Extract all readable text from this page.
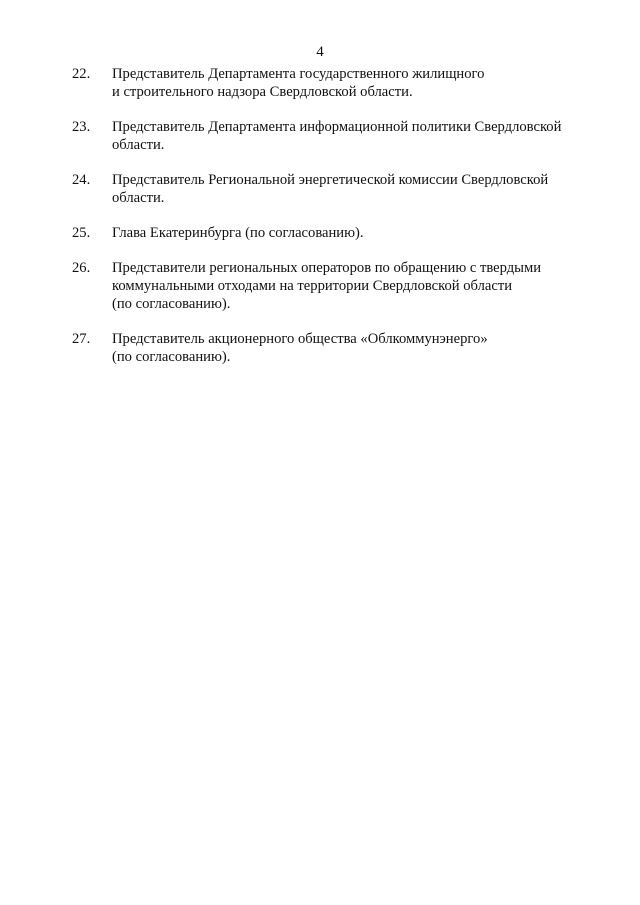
4
22.	Представитель Департамента государственного жилищного
и строительного надзора Свердловской области.
23.	Представитель Департамента информационной политики Свердловской
области.
24.	Представитель Региональной энергетической комиссии Свердловской
области.
25.	Глава Екатеринбурга (по согласованию).
26.	Представители региональных операторов по обращению с твердыми
коммунальными отходами на территории Свердловской области
(по согласованию).
27.	Представитель акционерного общества «Облкоммунэнерго»
(по согласованию).
